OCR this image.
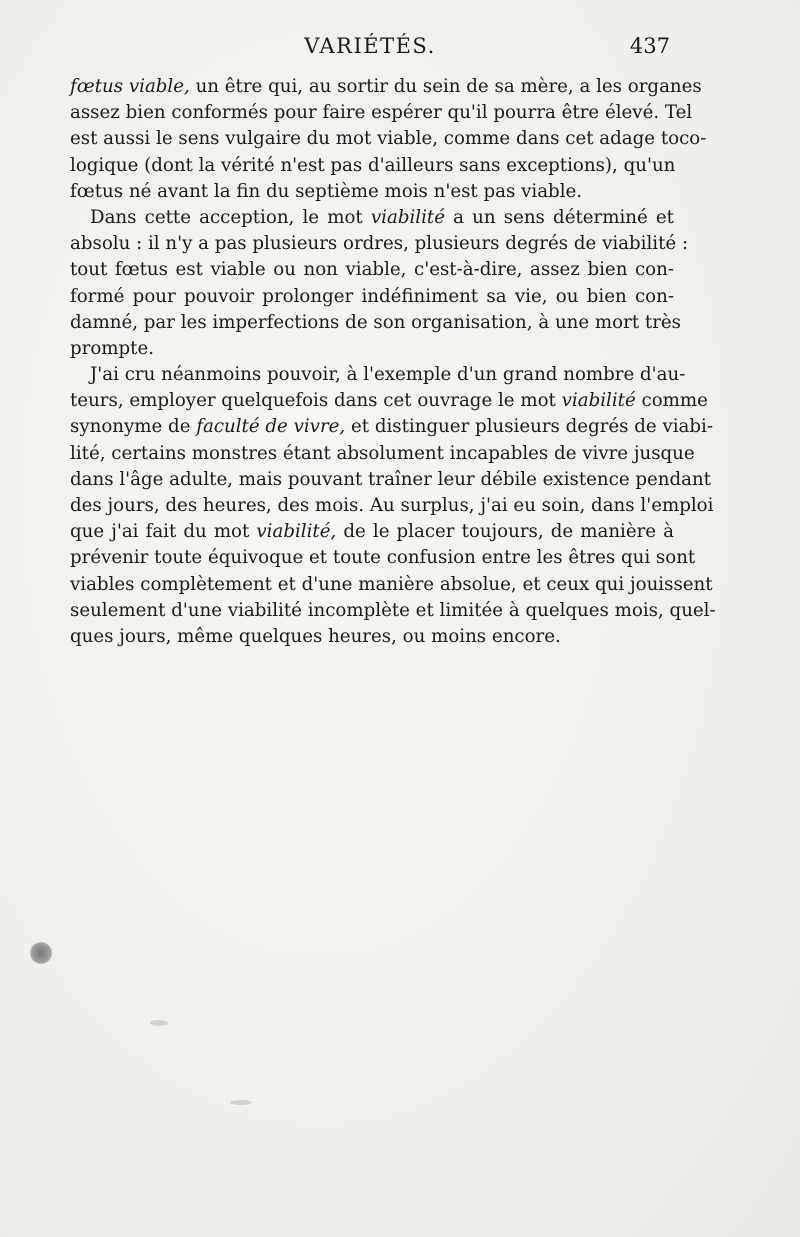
VARIÉTÉS.	437
fœtus viable, un être qui, au sortir du sein de sa mère, a les organes
assez bien conformés pour faire espérer qu'il pourra être élevé. Tel
est aussi le sens vulgaire du mot viable, comme dans cet adage toco-
logique (dont la vérité n'est pas d'ailleurs sans exceptions), qu'un
fœtus né avant la fin du septième mois n'est pas viable.
Dans cette acception, le mot viabilité a un sens déterminé et
absolu : il n'y a pas plusieurs ordres, plusieurs degrés de viabilité :
tout fœtus est viable ou non viable, c'est-à-dire, assez bien con-
formé pour pouvoir prolonger indéfiniment sa vie, ou bien con-
damné, par les imperfections de son organisation, à une mort très
prompte.
J'ai cru néanmoins pouvoir, à l'exemple d'un grand nombre d'au-
teurs, employer quelquefois dans cet ouvrage le mot viabilité comme
synonyme de faculté de vivre, et distinguer plusieurs degrés de viabi-
lité, certains monstres étant absolument incapables de vivre jusque
dans l'âge adulte, mais pouvant traîner leur débile existence pendant
des jours, des heures, des mois. Au surplus, j'ai eu soin, dans l'emploi
que j'ai fait du mot viabilité, de le placer toujours, de manière à
prévenir toute équivoque et toute confusion entre les êtres qui sont
viables complètement et d'une manière absolue, et ceux qui jouissent
seulement d'une viabilité incomplète et limitée à quelques mois, quel-
ques jours, même quelques heures, ou moins encore.
